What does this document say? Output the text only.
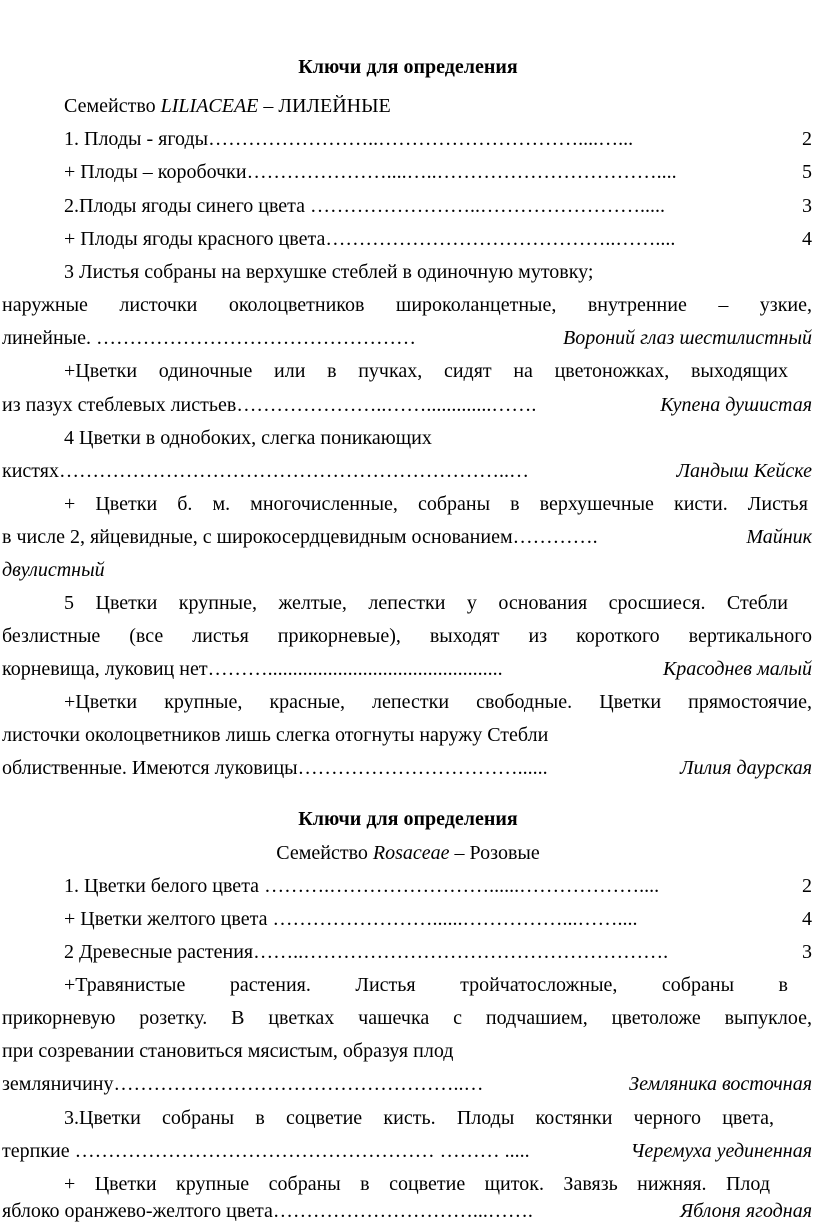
Ключи для определения
Семейство LILIACEAE – ЛИЛЕЙНЫЕ
1. Плоды - ягоды……………………..…………………………....…...	2
+ Плоды – коробочки…………………....…..……………………………....	5
2.Плоды ягоды синего цвета ……………………..…………………….....	3
+ Плоды ягоды красного цвета……………………………………..……....	4
3 Листья собраны на верхушке стеблей в одиночную мутовку;
наружные листочки околоцветников широколанцетные, внутренние – узкие,
линейные. …………………………………………	Вороний глаз шестилистный
+Цветки одиночные или в пучках, сидят на цветоножках, выходящих
из пазух стеблевых листьев…………………..…….............…….	Купена душистая
4 Цветки в однобоких, слегка поникающих
кистях…………………………………………………………..…	Ландыш Кейске
+ Цветки б. м. многочисленные, собраны в верхушечные кисти. Листья
в числе 2, яйцевидные, с широкосердцевидным основанием………….	Майник
двулистный
5 Цветки крупные, желтые, лепестки у основания сросшиеся. Стебли
безлистные (все листья прикорневые), выходят из короткого вертикального
корневища, луковиц нет………...............................................	Красоднев малый
+Цветки крупные, красные, лепестки свободные. Цветки прямостоячие,
листочки околоцветников лишь слегка отогнуты наружу Стебли
облиственные. Имеются луковицы……………………………......	Лилия даурская
Ключи для определения
Семейство Rosaceae – Розовые
1. Цветки белого цвета ……….……………………......………………....	2
+ Цветки желтого цвета ……………………......……………...……....	4
2 Древесные растения……..……………………………………………….	3
+Травянистые растения. Листья тройчатосложные, собраны в
прикорневую розетку. В цветках чашечка с подчашием, цветоложе выпуклое,
при созревании становиться мясистым, образуя плод
земляничину……………………………………………..…	Земляника восточная
3.Цветки собраны в соцветие кисть. Плоды костянки черного цвета,
терпкие ……………………………………………… ……… .....	Черемуха уединенная
+ Цветки крупные собраны в соцветие щиток. Завязь нижняя. Плод
яблоко оранжево-желтого цвета…………………………...…….	Яблоня ягодная
